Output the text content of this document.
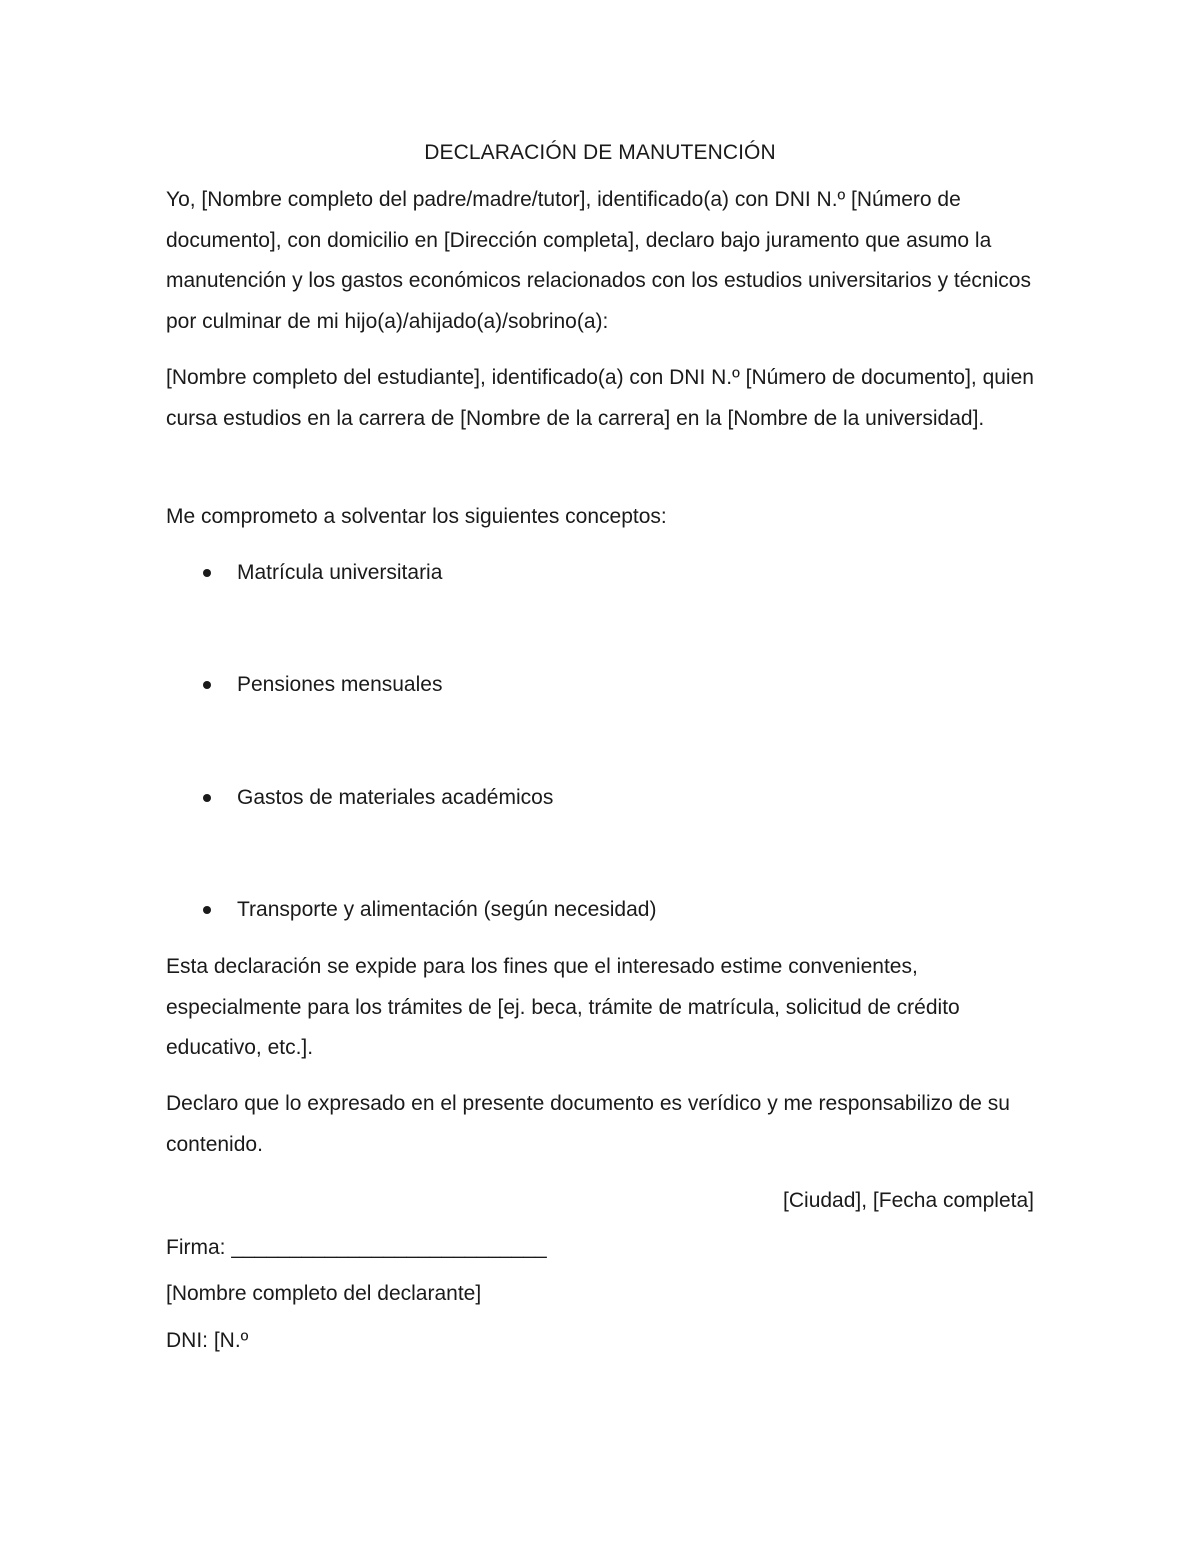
DECLARACIÓN DE MANUTENCIÓN

Yo, [Nombre completo del padre/madre/tutor], identificado(a) con DNI N.º [Número de documento], con domicilio en [Dirección completa], declaro bajo juramento que asumo la manutención y los gastos económicos relacionados con los estudios universitarios y técnicos por culminar de mi hijo(a)/ahijado(a)/sobrino(a):

[Nombre completo del estudiante], identificado(a) con DNI N.º [Número de documento], quien cursa estudios en la carrera de [Nombre de la carrera] en la [Nombre de la universidad].

Me comprometo a solventar los siguientes conceptos:

Matrícula universitaria
Pensiones mensuales
Gastos de materiales académicos
Transporte y alimentación (según necesidad)

Esta declaración se expide para los fines que el interesado estime convenientes, especialmente para los trámites de [ej. beca, trámite de matrícula, solicitud de crédito educativo, etc.].

Declaro que lo expresado en el presente documento es verídico y me responsabilizo de su contenido.

[Ciudad], [Fecha completa]
Firma: ___________________________
[Nombre completo del declarante]
DNI: [N.º
